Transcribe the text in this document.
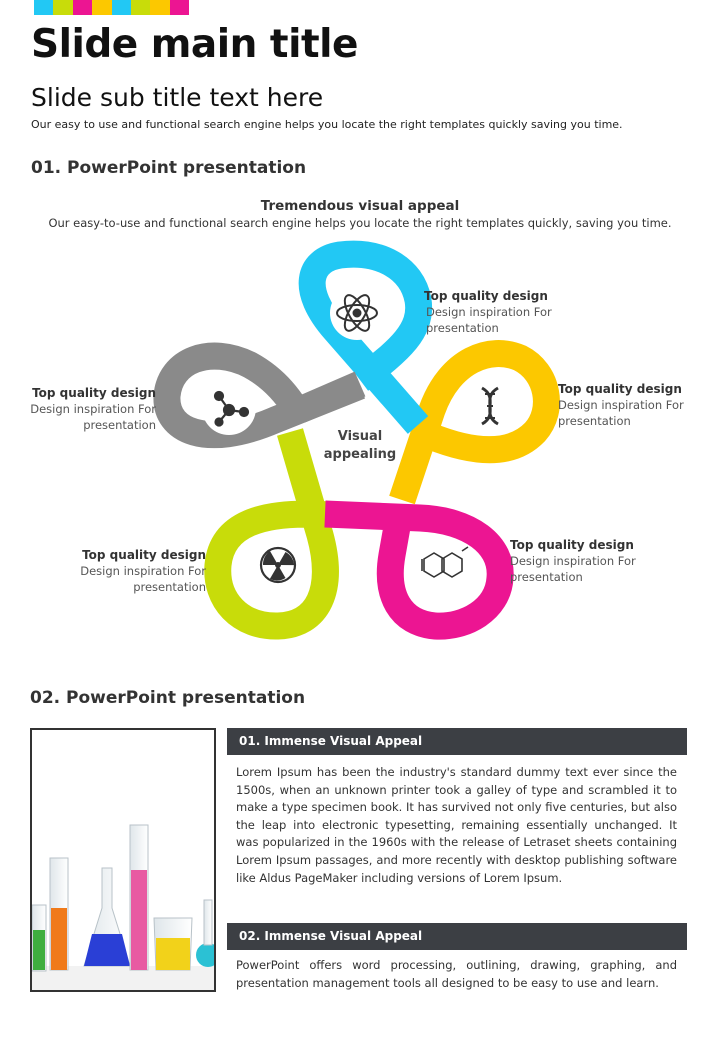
Slide main title
Slide sub title text here
Our easy to use and functional search engine helps you locate the right templates quickly saving you time.
01. PowerPoint presentation
Tremendous visual appeal
Our easy-to-use and functional search engine helps you locate the right templates quickly, saving you time.
Visual
appealing
Top quality design
Design inspiration For
presentation
Top quality design
Design inspiration For
presentation
Top quality design
Design inspiration For
presentation
Top quality design
Design inspiration For
presentation
Top quality design
Design inspiration For
presentation
02. PowerPoint presentation
01. Immense Visual Appeal
Lorem Ipsum has been the industry's standard dummy text ever since the 1500s, when an unknown printer took a galley of type and scrambled it to make a type specimen book. It has survived not only five centuries, but also the leap into electronic typesetting, remaining essentially unchanged. It was popularized in the 1960s with the release of Letraset sheets containing Lorem Ipsum passages, and more recently with desktop publishing software like Aldus PageMaker including versions of Lorem Ipsum.
02. Immense Visual Appeal
PowerPoint offers word processing, outlining, drawing, graphing, and presentation management tools all designed to be easy to use and learn.
